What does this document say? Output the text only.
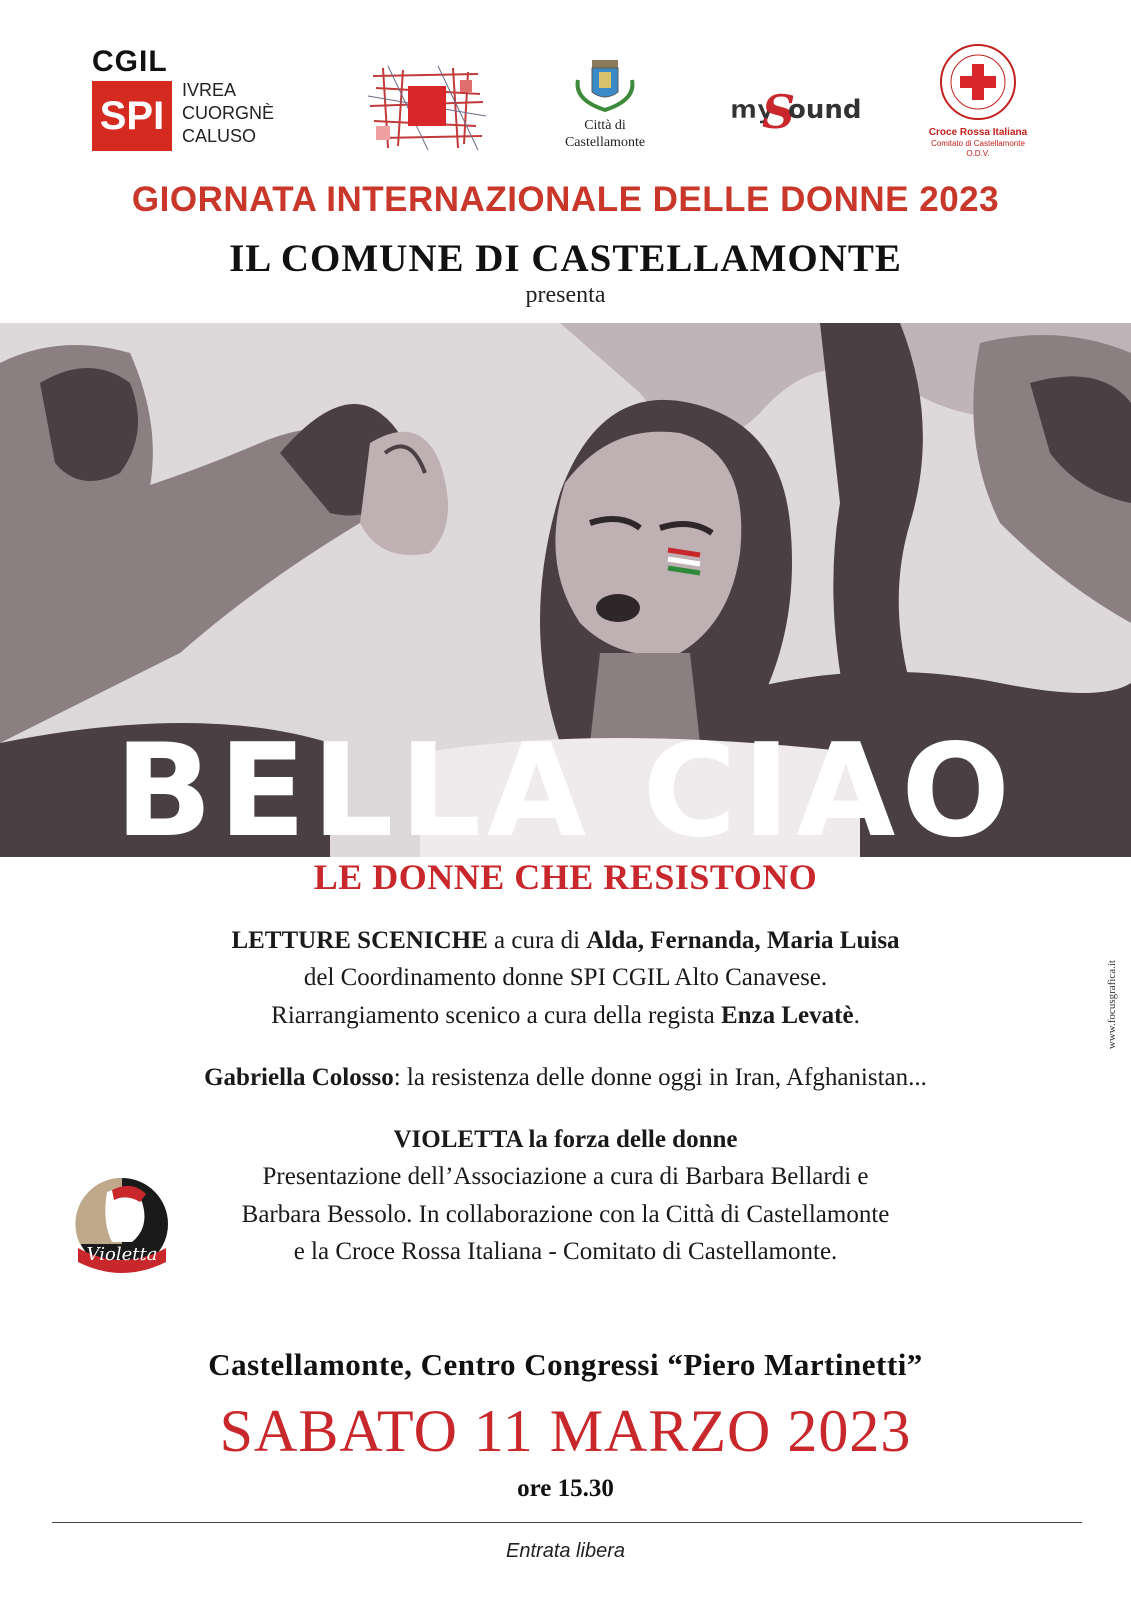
CGIL
SPI
IVREA
CUORGNÈ
CALUSO
Città di
Castellamonte
my
S
ound
Croce Rossa Italiana
Comitato di Castellamonte
O.D.V.
GIORNATA INTERNAZIONALE DELLE DONNE 2023
IL COMUNE DI CASTELLAMONTE
presenta
BELLA CIAO
LE DONNE CHE RESISTONO
www.focusgrafica.it
LETTURE SCENICHE a cura di Alda, Fernanda, Maria Luisa
del Coordinamento donne SPI CGIL Alto Canavese.
Riarrangiamento scenico a cura della regista Enza Levatè.
Gabriella Colosso: la resistenza delle donne oggi in Iran, Afghanistan...
VIOLETTA la forza delle donne
Presentazione dell’Associazione a cura di Barbara Bellardi e
Barbara Bessolo. In collaborazione con la Città di Castellamonte
e la Croce Rossa Italiana - Comitato di Castellamonte.
Violetta
Castellamonte, Centro Congressi “Piero Martinetti”
SABATO 11 MARZO 2023
ore 15.30
Entrata libera
